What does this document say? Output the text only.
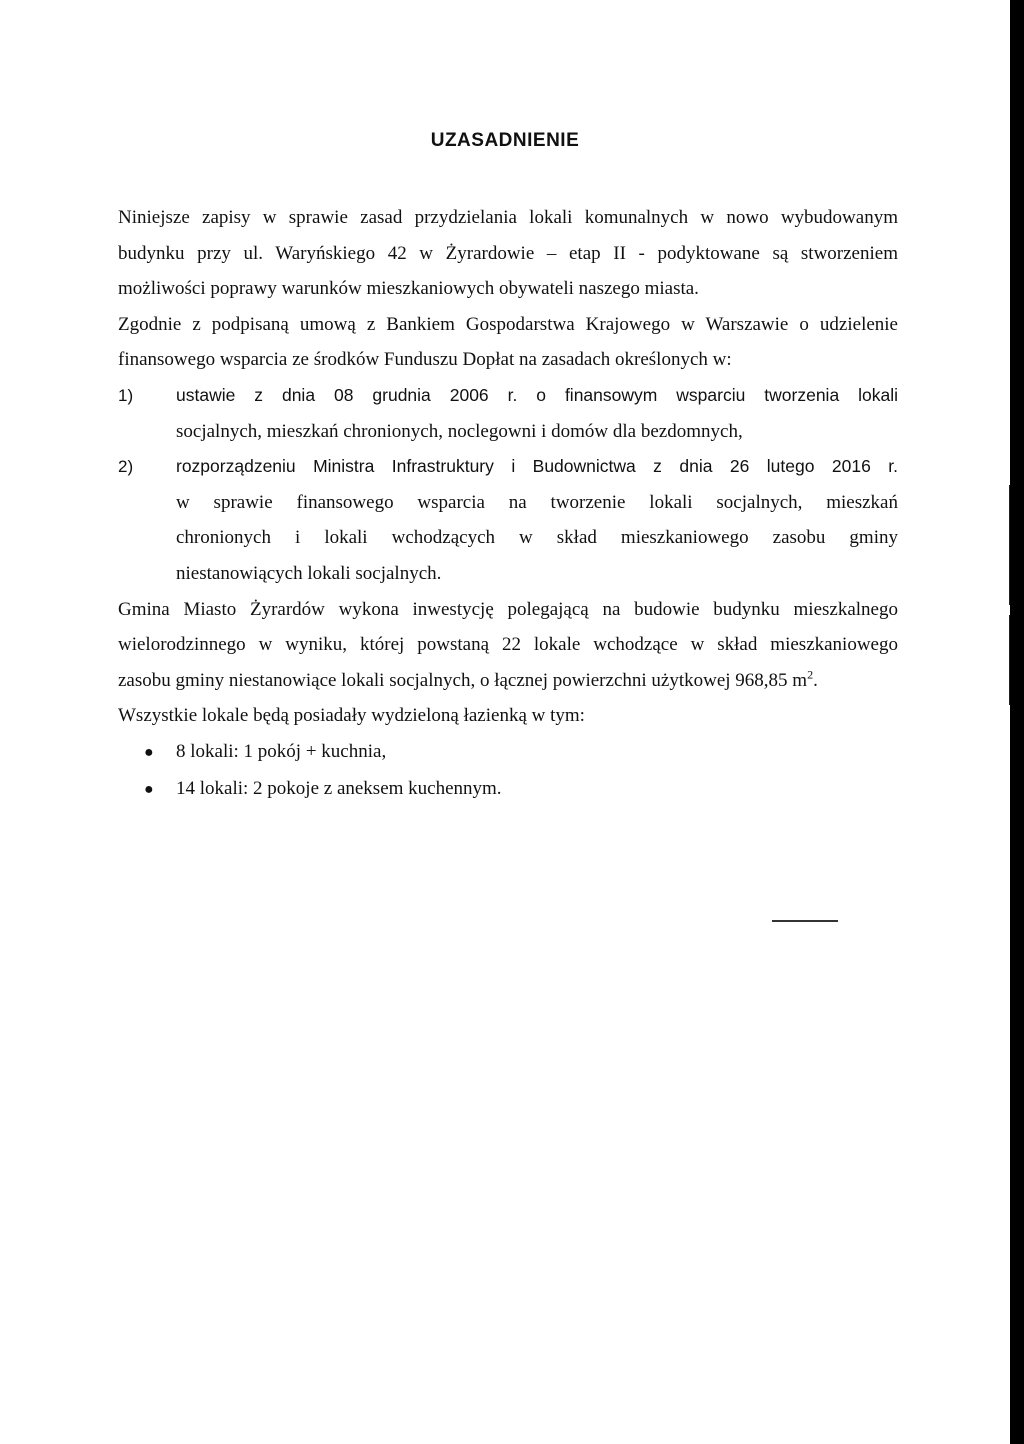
UZASADNIENIE

Niniejsze zapisy w sprawie zasad przydzielania lokali komunalnych w nowo wybudowanym

budynku przy ul. Waryńskiego 42 w Żyrardowie – etap II - podyktowane są stworzeniem

możliwości poprawy warunków mieszkaniowych obywateli naszego miasta.

Zgodnie z podpisaną umową z Bankiem Gospodarstwa Krajowego w Warszawie o udzielenie

finansowego wsparcia ze środków Funduszu Dopłat na zasadach określonych w:

1)	ustawie z dnia 08 grudnia 2006 r. o finansowym wsparciu tworzenia lokali

socjalnych, mieszkań chronionych, noclegowni i domów dla bezdomnych,

2)	rozporządzeniu Ministra Infrastruktury i Budownictwa z dnia 26 lutego 2016 r.

w sprawie finansowego wsparcia na tworzenie lokali socjalnych, mieszkań

chronionych i lokali wchodzących w skład mieszkaniowego zasobu gminy

niestanowiących lokali socjalnych.

Gmina Miasto Żyrardów wykona inwestycję polegającą na budowie budynku mieszkalnego

wielorodzinnego w wyniku, której powstaną 22 lokale wchodzące w skład mieszkaniowego

zasobu gminy niestanowiące lokali socjalnych, o łącznej powierzchni użytkowej 968,85 $m^2$.

Wszystkie lokale będą posiadały wydzieloną łazienką w tym:

●	8 lokali: 1 pokój + kuchnia,
●	14 lokali: 2 pokoje z aneksem kuchennym.
